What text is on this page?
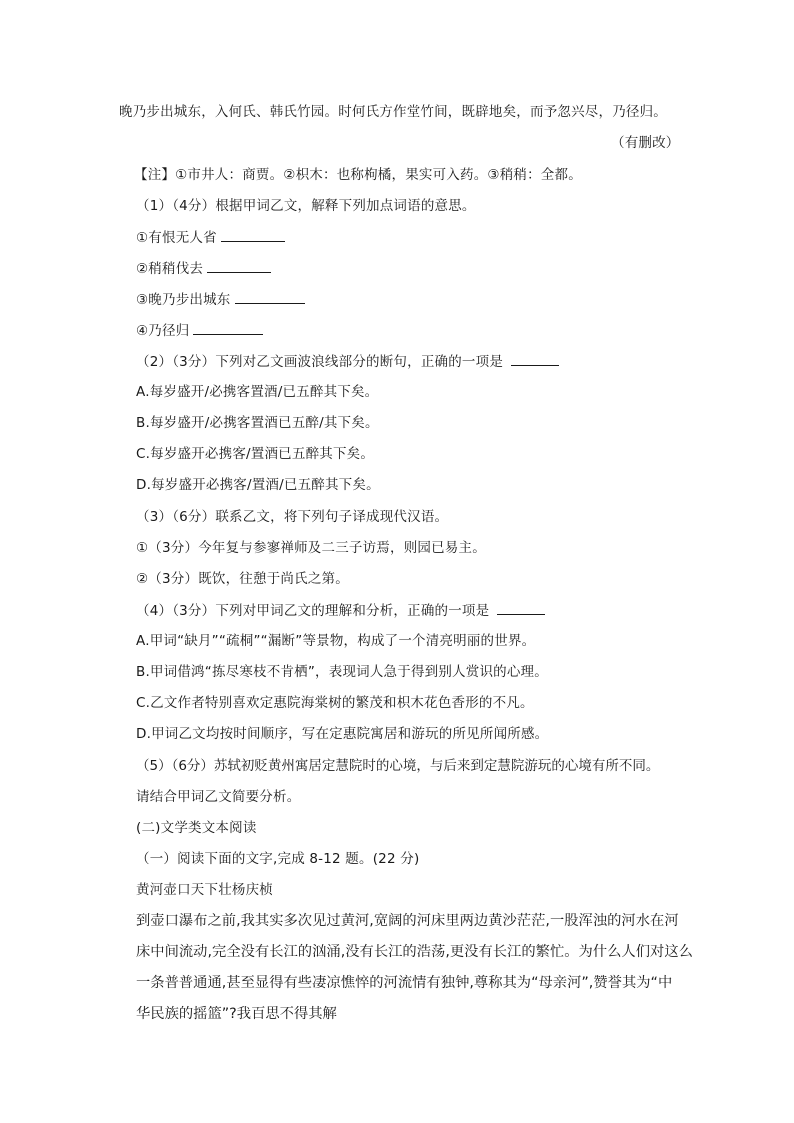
晚乃步出城东，入何氏、韩氏竹园。时何氏方作堂竹间，既辟地矣，而予忽兴尽，乃径归。
（有删改）
【注】①市井人：商贾。②枳木：也称枸橘，果实可入药。③稍稍：全都。
（1）（4分）根据甲词乙文，解释下列加点词语的意思。
①有恨无人省
②稍稍伐去
③晚乃步出城东
④乃径归
（2）（3分）下列对乙文画波浪线部分的断句，正确的一项是
A.每岁盛开/必携客置酒/已五醉其下矣。
B.每岁盛开/必携客置酒已五醉/其下矣。
C.每岁盛开必携客/置酒已五醉其下矣。
D.每岁盛开必携客/置酒/已五醉其下矣。
（3）（6分）联系乙文，将下列句子译成现代汉语。
①（3分）今年复与参寥禅师及二三子访焉，则园已易主。
②（3分）既饮，往憩于尚氏之第。
（4）（3分）下列对甲词乙文的理解和分析，正确的一项是
A.甲词“缺月”“疏桐”“漏断”等景物，构成了一个清亮明丽的世界。
B.甲词借鸿“拣尽寒枝不肯栖”，表现词人急于得到别人赏识的心理。
C.乙文作者特别喜欢定惠院海棠树的繁茂和枳木花色香形的不凡。
D.甲词乙文均按时间顺序，写在定惠院寓居和游玩的所见所闻所感。
（5）（6分）苏轼初贬黄州寓居定慧院时的心境，与后来到定慧院游玩的心境有所不同。
请结合甲词乙文简要分析。
(二)文学类文本阅读
（一）阅读下面的文字,完成 8-12 题。(22 分)
黄河壶口天下壮杨庆桢
到壶口瀑布之前,我其实多次见过黄河,宽阔的河床里两边黄沙茫茫,一股浑浊的河水在河
床中间流动,完全没有长江的汹涌,没有长江的浩荡,更没有长江的繁忙。为什么人们对这么
一条普普通通,甚至显得有些凄凉憔悴的河流情有独钟,尊称其为“母亲河”,赞誉其为“中
华民族的摇篮”?我百思不得其解
